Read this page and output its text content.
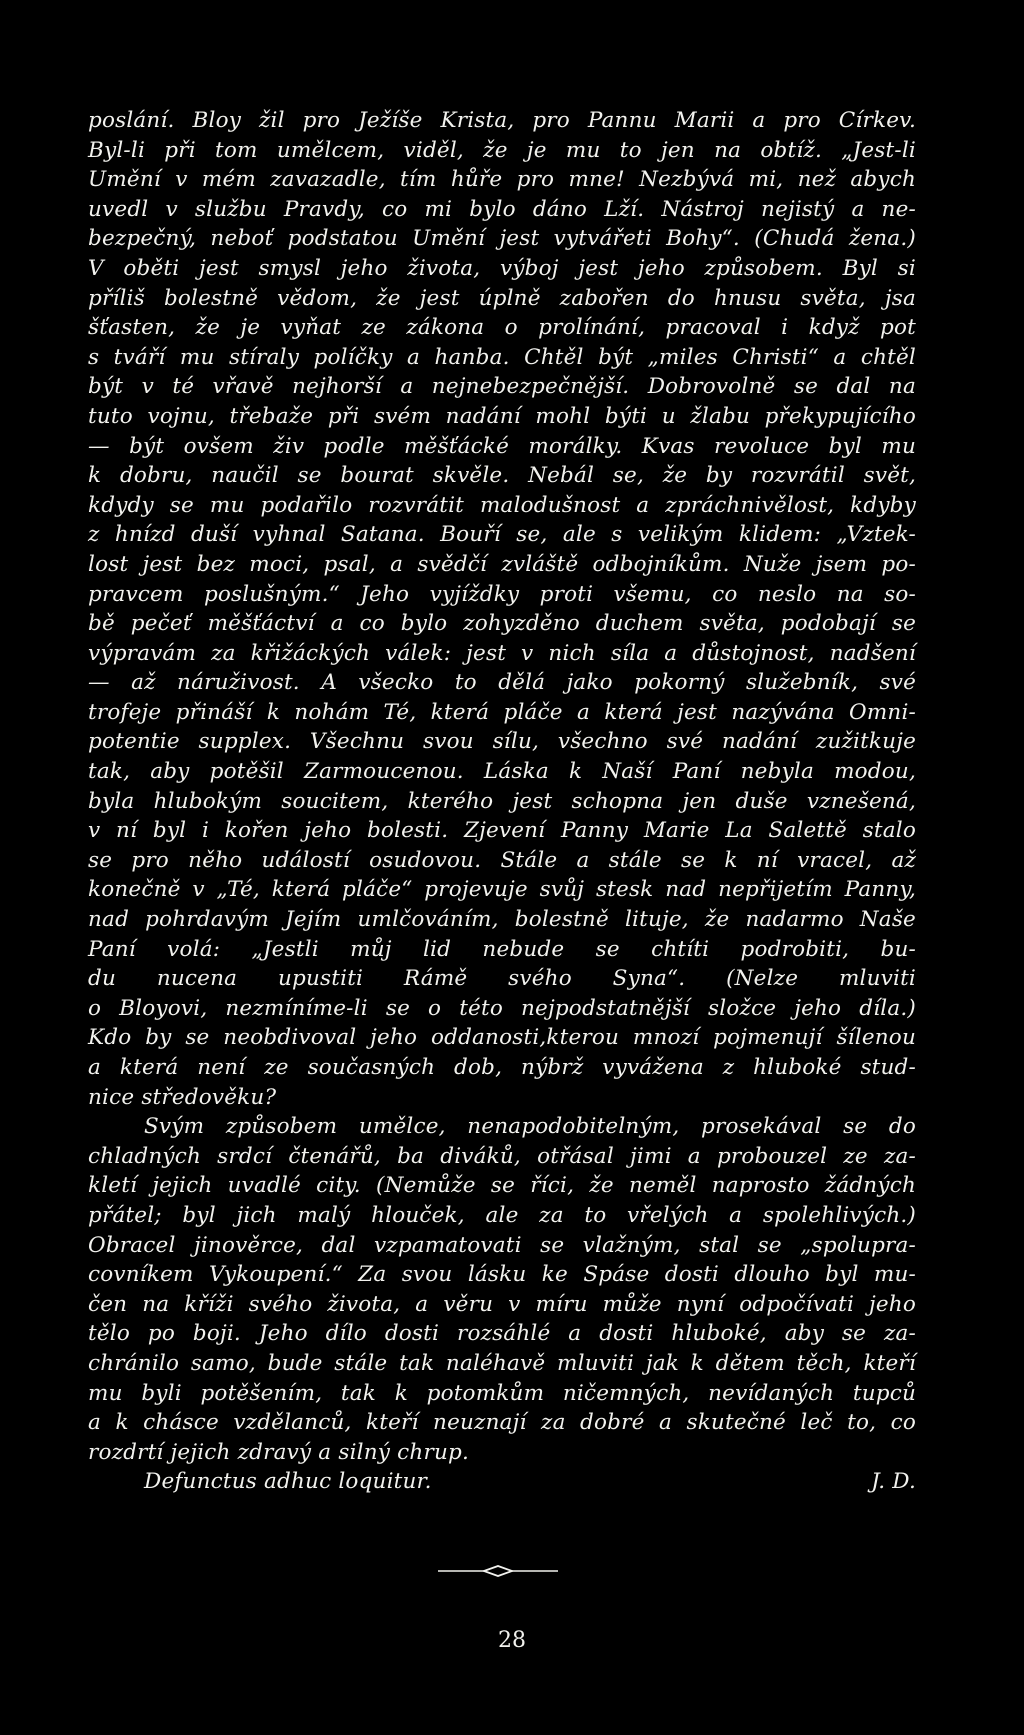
poslání. Bloy žil pro Ježíše Krista, pro Pannu Marii a pro Církev.
Byl-li při tom umělcem, viděl, že je mu to jen na obtíž. „Jest-li
Umění v mém zavazadle, tím hůře pro mne! Nezbývá mi, než abych
uvedl v službu Pravdy, co mi bylo dáno Lží. Nástroj nejistý a ne-
bezpečný, neboť podstatou Umění jest vytvářeti Bohy“. (Chudá žena.)
V oběti jest smysl jeho života, výboj jest jeho způsobem. Byl si
příliš bolestně vědom, že jest úplně zabořen do hnusu světa, jsa
šťasten, že je vyňat ze zákona o prolínání, pracoval i když pot
s tváří mu stíraly políčky a hanba. Chtěl být „miles Christi“ a chtěl
být v té vřavě nejhorší a nejnebezpečnější. Dobrovolně se dal na
tuto vojnu, třebaže při svém nadání mohl býti u žlabu překypujícího
— být ovšem živ podle měšťácké morálky. Kvas revoluce byl mu
k dobru, naučil se bourat skvěle. Nebál se, že by rozvrátil svět,
kdydy se mu podařilo rozvrátit malodušnost a zpráchnivělost, kdyby
z hnízd duší vyhnal Satana. Bouří se, ale s velikým klidem: „Vztek-
lost jest bez moci, psal, a svědčí zvláště odbojníkům. Nuže jsem po-
pravcem poslušným.“ Jeho vyjíždky proti všemu, co neslo na so-
bě pečeť měšťáctví a co bylo zohyzděno duchem světa, podobají se
výpravám za křižáckých válek: jest v nich síla a důstojnost, nadšení
— až náruživost. A všecko to dělá jako pokorný služebník, své
trofeje přináší k nohám Té, která pláče a která jest nazývána Omni-
potentie supplex. Všechnu svou sílu, všechno své nadání zužitkuje
tak, aby potěšil Zarmoucenou. Láska k Naší Paní nebyla modou,
byla hlubokým soucitem, kterého jest schopna jen duše vznešená,
v ní byl i kořen jeho bolesti. Zjevení Panny Marie La Salettě stalo
se pro něho událostí osudovou. Stále a stále se k ní vracel, až
konečně v „Té, která pláče“ projevuje svůj stesk nad nepřijetím Panny,
nad pohrdavým Jejím umlčováním, bolestně lituje, že nadarmo Naše
Paní volá: „Jestli můj lid nebude se chtíti podrobiti, bu-
du nucena upustiti Rámě svého Syna“. (Nelze mluviti
o Bloyovi, nezmíníme-li se o této nejpodstatnější složce jeho díla.)
Kdo by se neobdivoval jeho oddanosti,kterou mnozí pojmenují šílenou
a která není ze současných dob, nýbrž vyvážena z hluboké stud-
nice středověku?
Svým způsobem umělce, nenapodobitelným, prosekával se do
chladných srdcí čtenářů, ba diváků, otřásal jimi a probouzel ze za-
kletí jejich uvadlé city. (Nemůže se říci, že neměl naprosto žádných
přátel; byl jich malý hlouček, ale za to vřelých a spolehlivých.)
Obracel jinověrce, dal vzpamatovati se vlažným, stal se „spolupra-
covníkem Vykoupení.“ Za svou lásku ke Spáse dosti dlouho byl mu-
čen na kříži svého života, a věru v míru může nyní odpočívati jeho
tělo po boji. Jeho dílo dosti rozsáhlé a dosti hluboké, aby se za-
chránilo samo, bude stále tak naléhavě mluviti jak k dětem těch, kteří
mu byli potěšením, tak k potomkům ničemných, nevídaných tupců
a k chásce vzdělanců, kteří neuznají za dobré a skutečné leč to, co
rozdrtí jejich zdravý a silný chrup.
Defunctus adhuc loquitur.	J. D.
28
